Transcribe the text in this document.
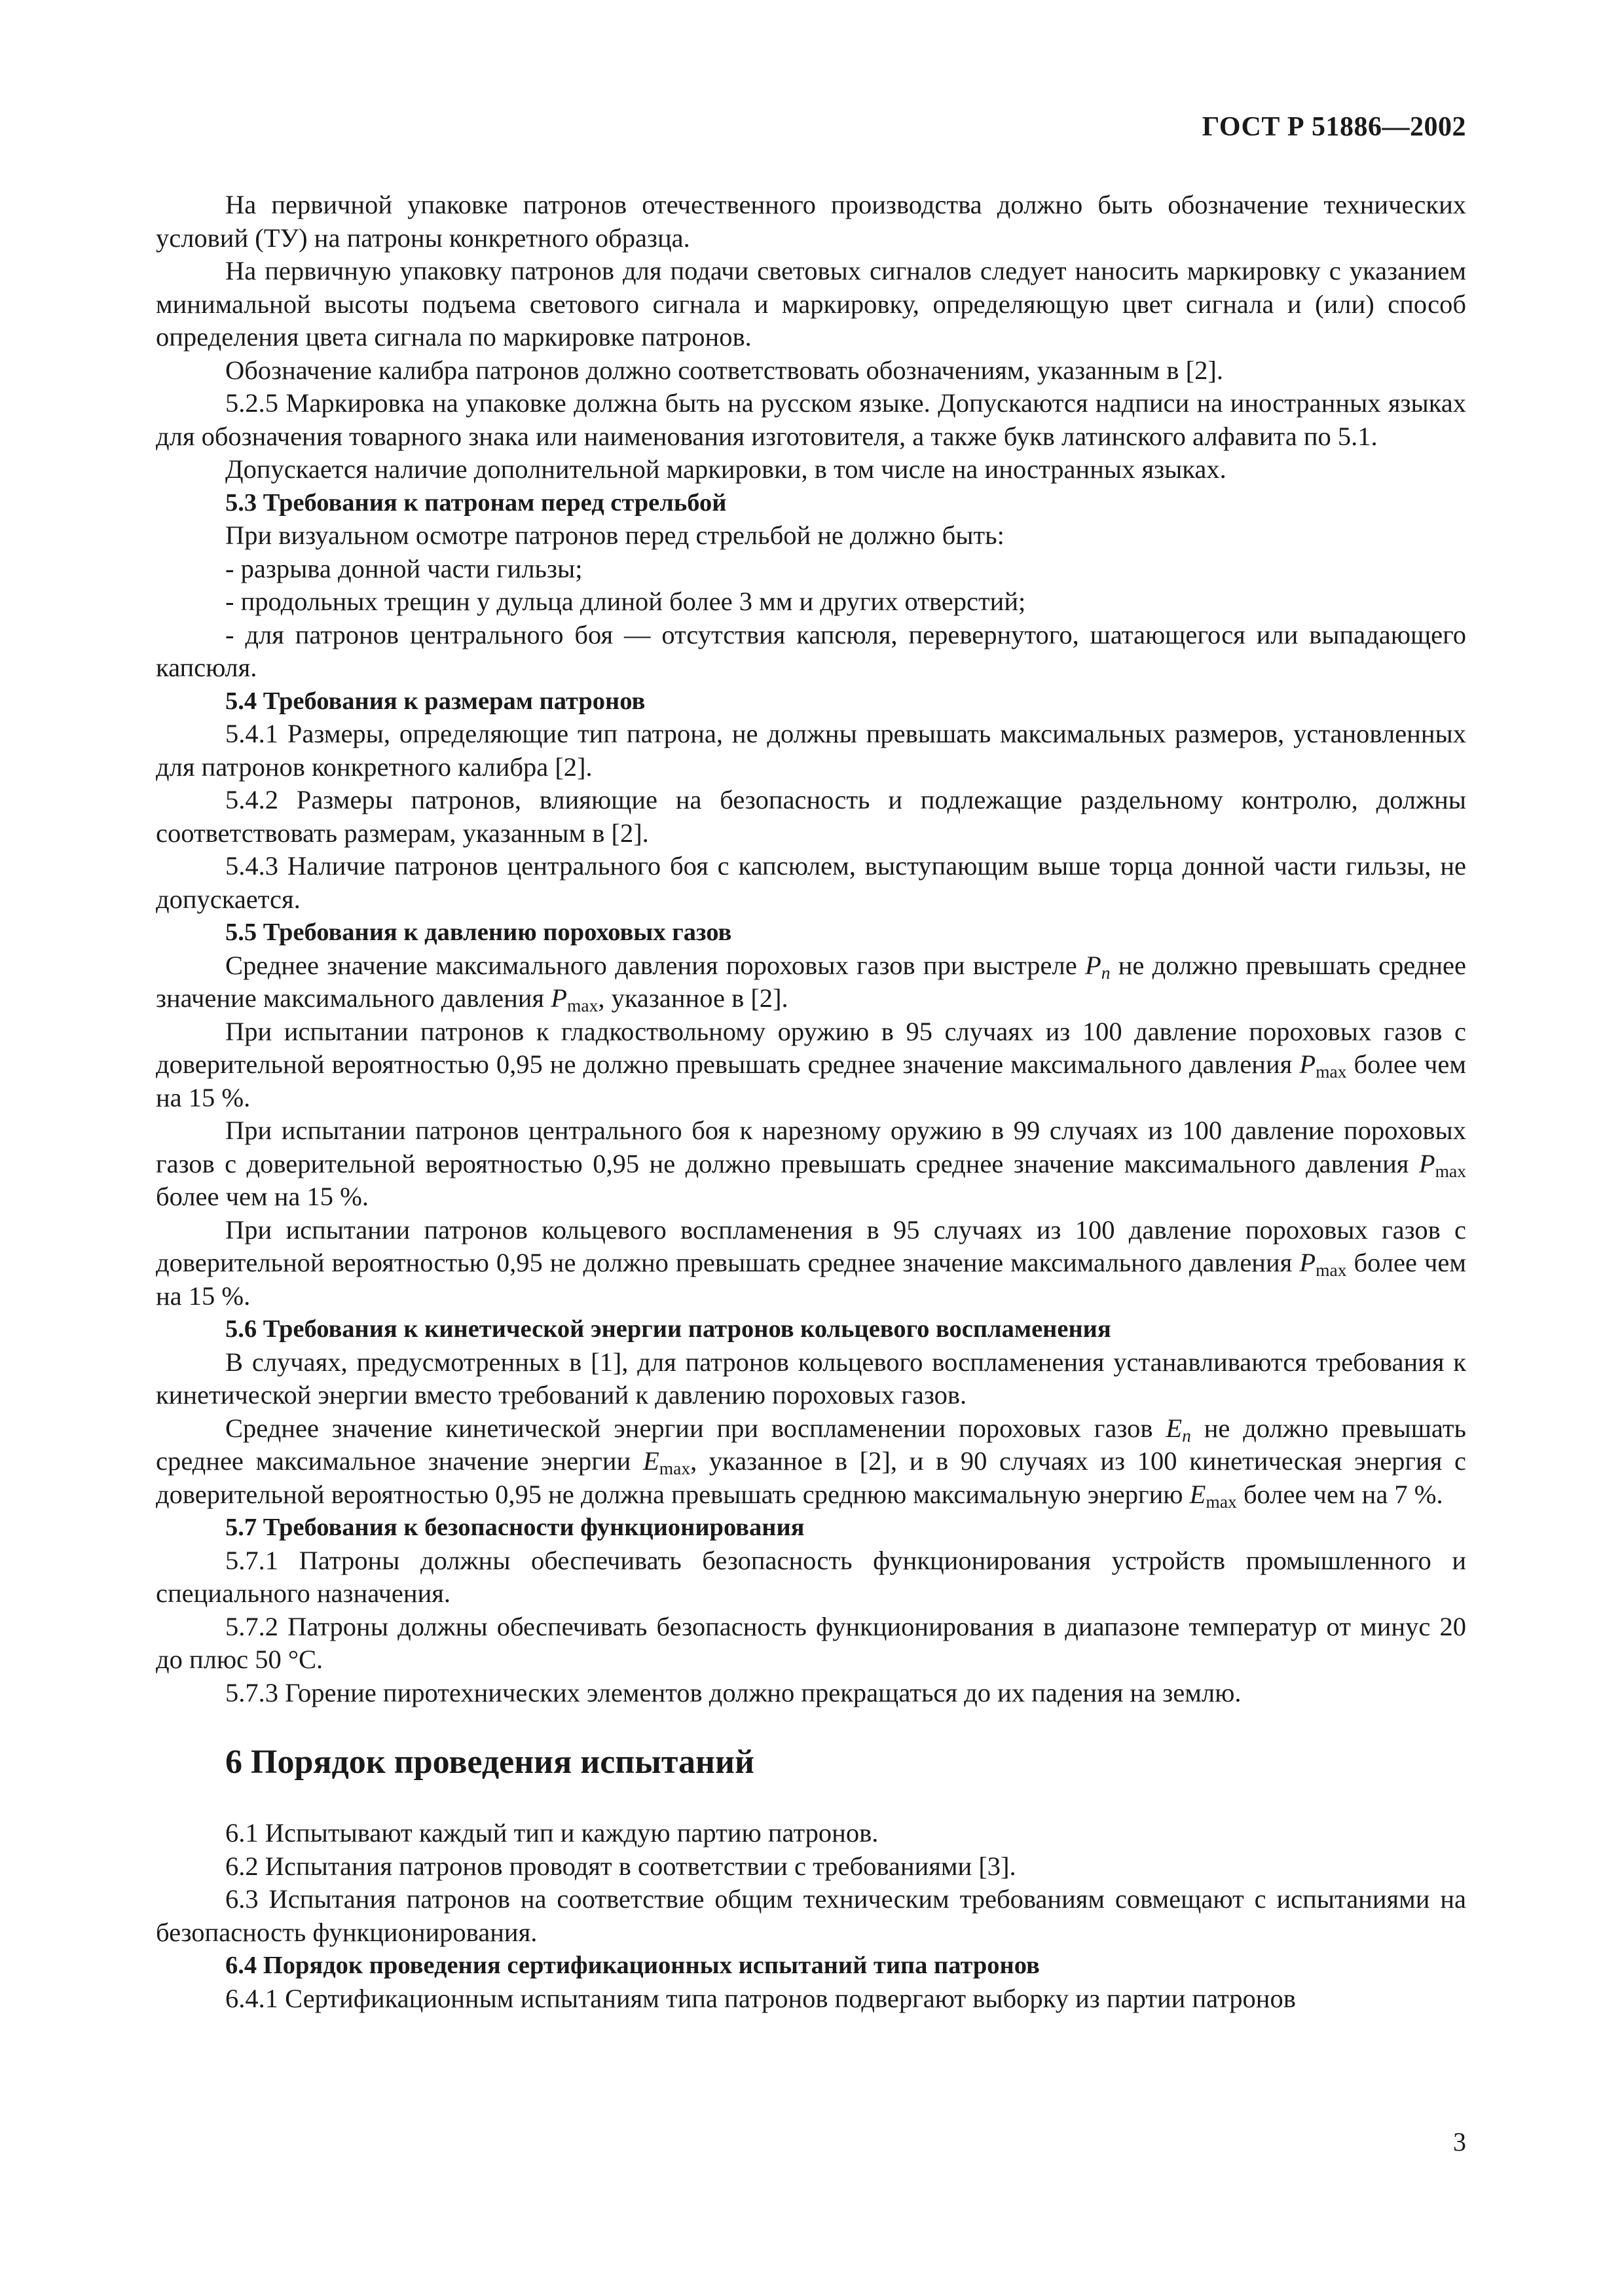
ГОСТ Р 51886—2002

На первичной упаковке патронов отечественного производства должно быть обозначение технических условий (ТУ) на патроны конкретного образца.

На первичную упаковку патронов для подачи световых сигналов следует наносить маркировку с указанием минимальной высоты подъема светового сигнала и маркировку, определяющую цвет сигнала и (или) способ определения цвета сигнала по маркировке патронов.

Обозначение калибра патронов должно соответствовать обозначениям, указанным в [2].

5.2.5 Маркировка на упаковке должна быть на русском языке. Допускаются надписи на иностранных языках для обозначения товарного знака или наименования изготовителя, а также букв латинского алфавита по 5.1.

Допускается наличие дополнительной маркировки, в том числе на иностранных языках.

5.3 Требования к патронам перед стрельбой

При визуальном осмотре патронов перед стрельбой не должно быть:

- разрыва донной части гильзы;

- продольных трещин у дульца длиной более 3 мм и других отверстий;

- для патронов центрального боя — отсутствия капсюля, перевернутого, шатающегося или выпадающего капсюля.

5.4 Требования к размерам патронов

5.4.1 Размеры, определяющие тип патрона, не должны превышать максимальных размеров, установленных для патронов конкретного калибра [2].

5.4.2 Размеры патронов, влияющие на безопасность и подлежащие раздельному контролю, должны соответствовать размерам, указанным в [2].

5.4.3 Наличие патронов центрального боя с капсюлем, выступающим выше торца донной части гильзы, не допускается.

5.5 Требования к давлению пороховых газов

Среднее значение максимального давления пороховых газов при выстреле $P_n$ не должно превышать среднее значение максимального давления $P_{max}$, указанное в [2].

При испытании патронов к гладкоствольному оружию в 95 случаях из 100 давление пороховых газов с доверительной вероятностью 0,95 не должно превышать среднее значение максимального давления $P_{max}$ более чем на 15 %.

При испытании патронов центрального боя к нарезному оружию в 99 случаях из 100 давление пороховых газов с доверительной вероятностью 0,95 не должно превышать среднее значение максимального давления $P_{max}$ более чем на 15 %.

При испытании патронов кольцевого воспламенения в 95 случаях из 100 давление пороховых газов с доверительной вероятностью 0,95 не должно превышать среднее значение максимального давления $P_{max}$ более чем на 15 %.

5.6 Требования к кинетической энергии патронов кольцевого воспламенения

В случаях, предусмотренных в [1], для патронов кольцевого воспламенения устанавливаются требования к кинетической энергии вместо требований к давлению пороховых газов.

Среднее значение кинетической энергии при воспламенении пороховых газов $E_n$ не должно превышать среднее максимальное значение энергии $E_{max}$, указанное в [2], и в 90 случаях из 100 кинетическая энергия с доверительной вероятностью 0,95 не должна превышать среднюю максимальную энергию $E_{max}$ более чем на 7 %.

5.7 Требования к безопасности функционирования

5.7.1 Патроны должны обеспечивать безопасность функционирования устройств промышленного и специального назначения.

5.7.2 Патроны должны обеспечивать безопасность функционирования в диапазоне температур от минус 20 до плюс 50 °С.

5.7.3 Горение пиротехнических элементов должно прекращаться до их падения на землю.

6 Порядок проведения испытаний

6.1 Испытывают каждый тип и каждую партию патронов.

6.2 Испытания патронов проводят в соответствии с требованиями [3].

6.3 Испытания патронов на соответствие общим техническим требованиям совмещают с испытаниями на безопасность функционирования.

6.4 Порядок проведения сертификационных испытаний типа патронов

6.4.1 Сертификационным испытаниям типа патронов подвергают выборку из партии патронов

3
